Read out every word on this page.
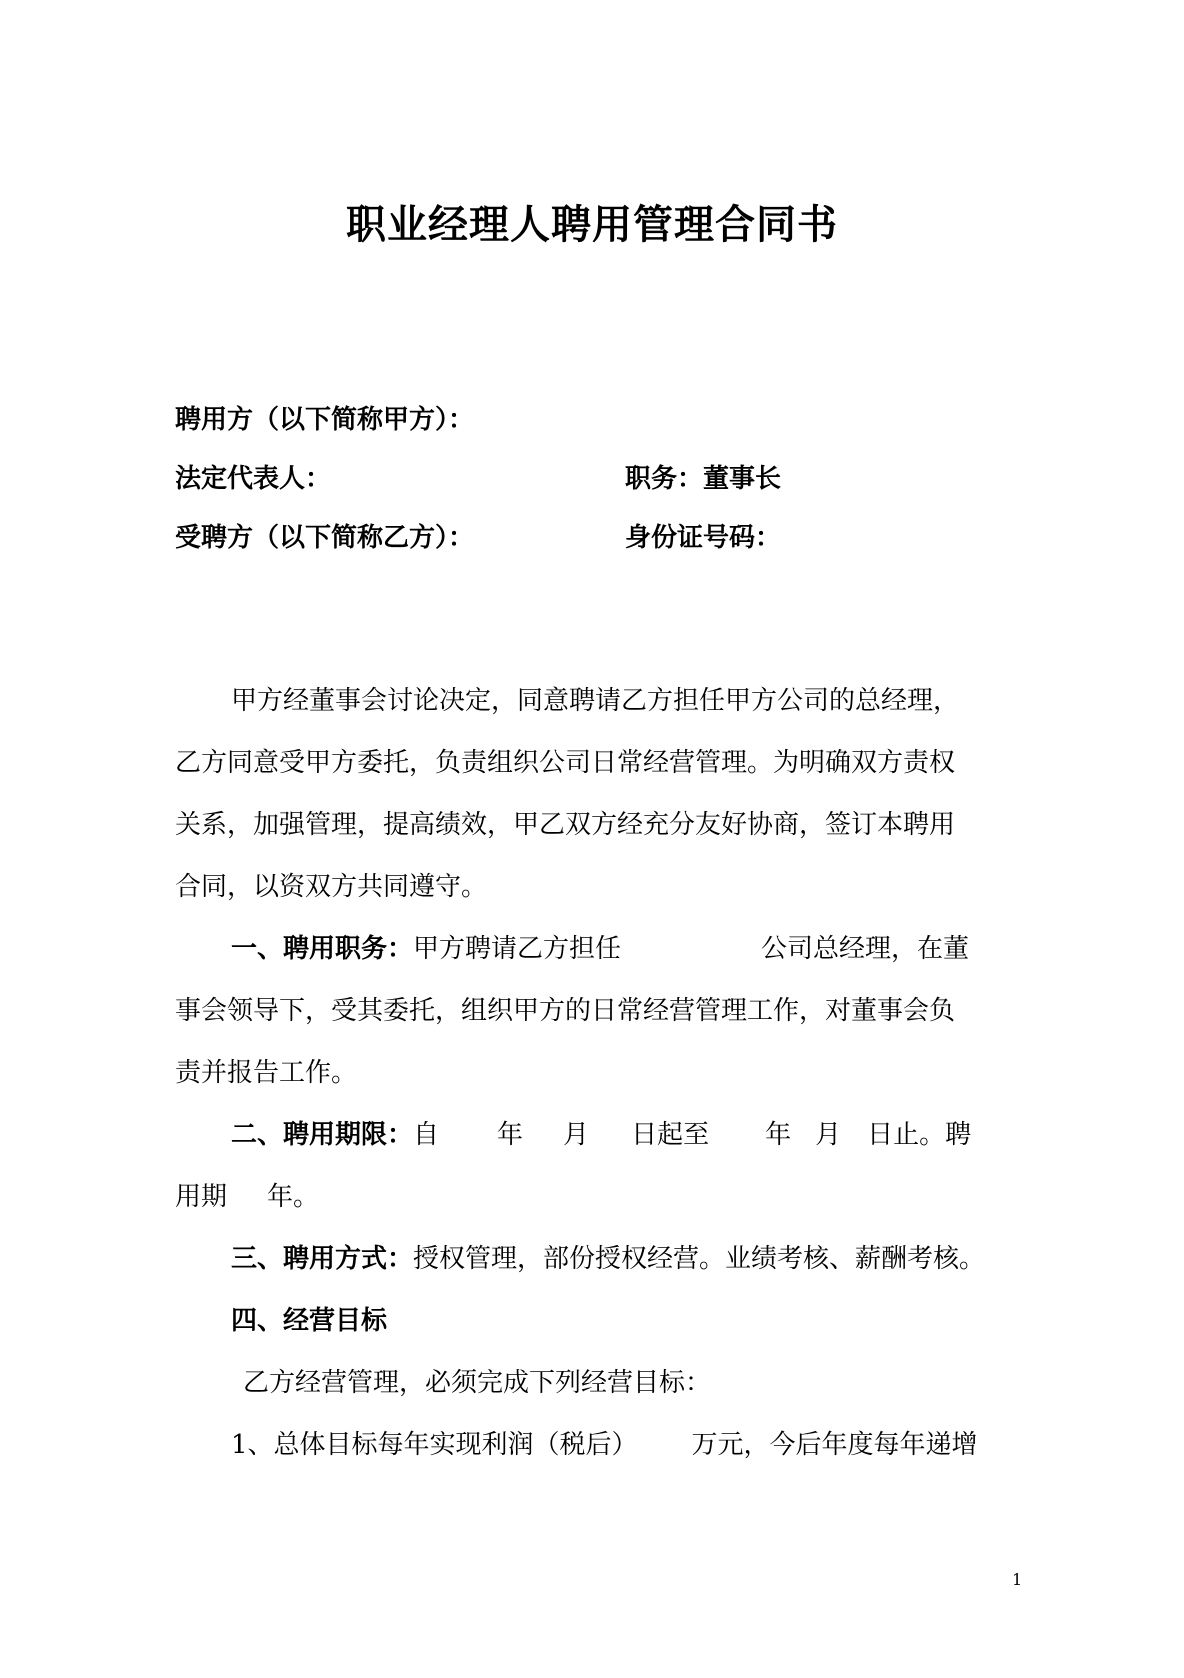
职业经理人聘用管理合同书
聘用方（以下简称甲方）：
法定代表人：	职务：董事长
受聘方（以下简称乙方）：	身份证号码：
甲方经董事会讨论决定，同意聘请乙方担任甲方公司的总经理，
乙方同意受甲方委托，负责组织公司日常经营管理。为明确双方责权
关系，加强管理，提高绩效，甲乙双方经充分友好协商，签订本聘用
合同，以资双方共同遵守。
一、聘用职务：甲方聘请乙方担任	公司总经理，在董
事会领导下，受其委托，组织甲方的日常经营管理工作，对董事会负
责并报告工作。
二、聘用期限：自 年 月 日起至 年 月 日止。聘
用期 年。
三、聘用方式：授权管理，部份授权经营。业绩考核、薪酬考核。
四、经营目标
乙方经营管理，必须完成下列经营目标：
1、总体目标每年实现利润（税后） 万元，今后年度每年递增
1
